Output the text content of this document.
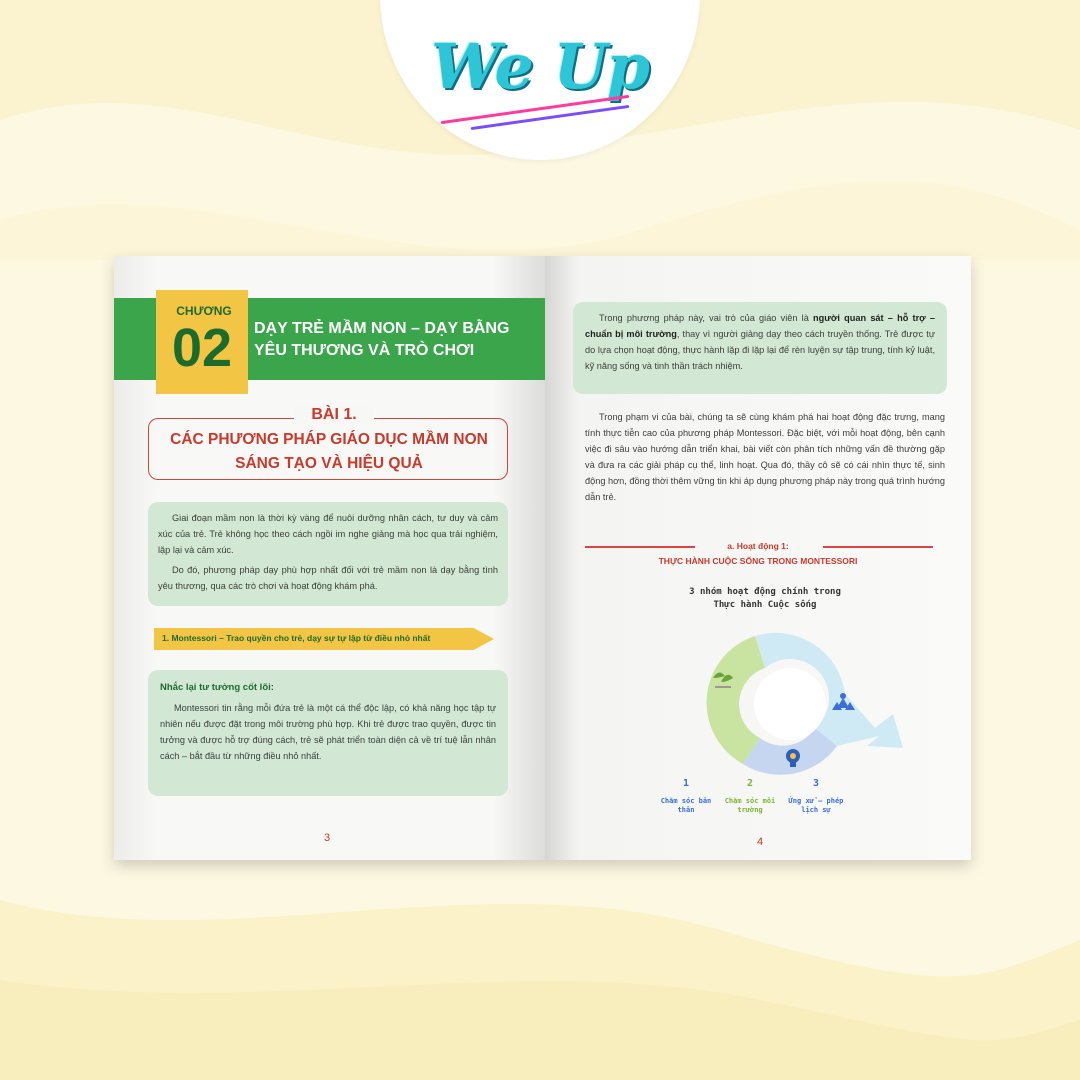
We Up
CHƯƠNG
02	DẠY TRẺ MẦM NON – DẠY BẰNG YÊU THƯƠNG VÀ TRÒ CHƠI
BÀI 1.
CÁC PHƯƠNG PHÁP GIÁO DỤC MẦM NON SÁNG TẠO VÀ HIỆU QUẢ

Giai đoạn mầm non là thời kỳ vàng để nuôi dưỡng nhân cách, tư duy và cảm xúc của trẻ. Trẻ không học theo cách ngồi im nghe giảng mà học qua trải nghiệm, lặp lại và cảm xúc.

Do đó, phương pháp dạy phù hợp nhất đối với trẻ mầm non là dạy bằng tình yêu thương, qua các trò chơi và hoạt động khám phá.

1. Montessori – Trao quyền cho trẻ, dạy sự tự lập từ điều nhỏ nhất
Nhắc lại tư tưởng cốt lõi:

Montessori tin rằng mỗi đứa trẻ là một cá thể độc lập, có khả năng học tập tự nhiên nếu được đặt trong môi trường phù hợp. Khi trẻ được trao quyền, được tin tưởng và được hỗ trợ đúng cách, trẻ sẽ phát triển toàn diện cả về trí tuệ lẫn nhân cách – bắt đầu từ những điều nhỏ nhất.

3

Trong phương pháp này, vai trò của giáo viên là người quan sát – hỗ trợ – chuẩn bị môi trường, thay vì người giảng dạy theo cách truyền thống. Trẻ được tự do lựa chọn hoạt động, thực hành lặp đi lặp lại để rèn luyện sự tập trung, tính kỷ luật, kỹ năng sống và tinh thần trách nhiệm.

Trong phạm vi của bài, chúng ta sẽ cùng khám phá hai hoạt động đặc trưng, mang tính thực tiễn cao của phương pháp Montessori. Đặc biệt, với mỗi hoạt động, bên cạnh việc đi sâu vào hướng dẫn triển khai, bài viết còn phân tích những vấn đề thường gặp và đưa ra các giải pháp cụ thể, linh hoạt. Qua đó, thầy cô sẽ có cái nhìn thực tế, sinh động hơn, đồng thời thêm vững tin khi áp dụng phương pháp này trong quá trình hướng dẫn trẻ.
a. Hoạt động 1:
THỰC HÀNH CUỘC SỐNG TRONG MONTESSORI
3 nhóm hoạt động chính trong
Thực hành Cuộc sống
1
Chăm sóc bản thân
2
Chăm sóc môi trường
3
Ứng xử – phép lịch sự
4
